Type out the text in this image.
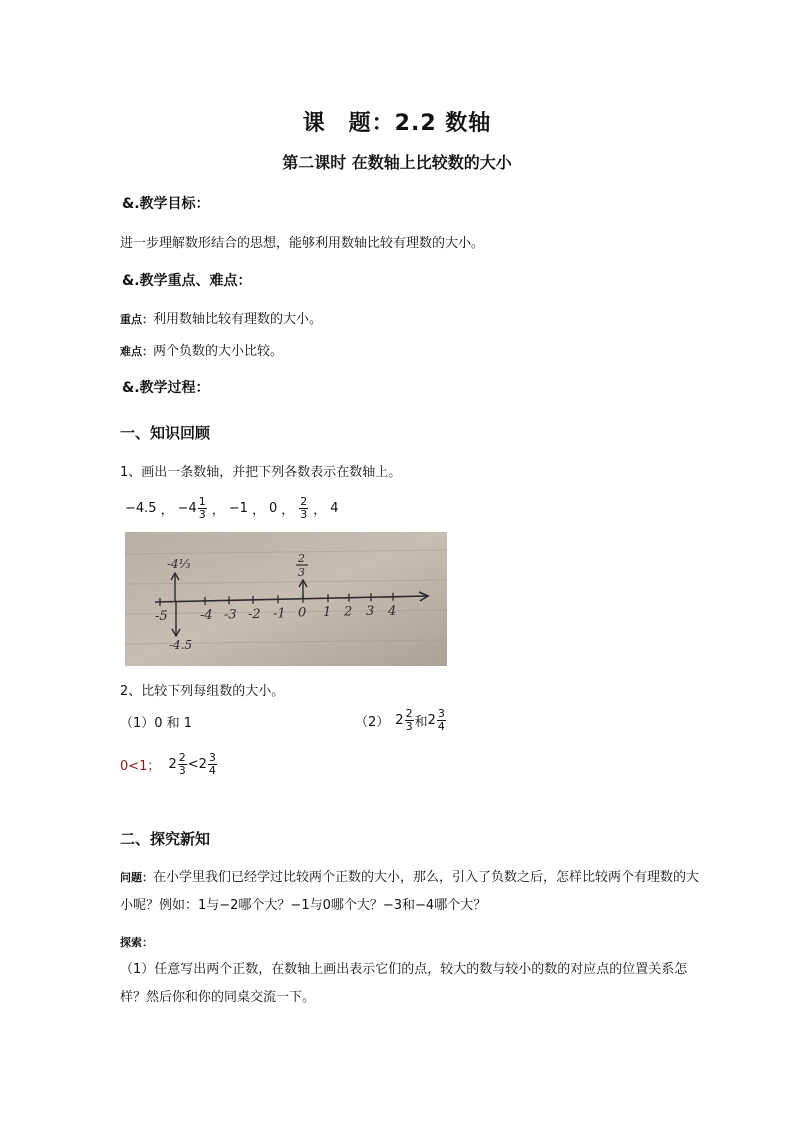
课　题：2.2 数轴
第二课时 在数轴上比较数的大小
&.教学目标：
进一步理解数形结合的思想，能够利用数轴比较有理数的大小。
&.教学重点、难点：
重点：利用数轴比较有理数的大小。
难点：两个负数的大小比较。
&.教学过程：
一、知识回顾
1、画出一条数轴，并把下列各数表示在数轴上。
−4.5 ， $-4 \frac{1}{3}$ ， −1 ， 0 ， $\frac{2}{3}$ ， 4
-5 -4 -3 -2 -1 0 1 2 3 4
-4.5
-4⅓	2
3
2、比较下列每组数的大小。
（1）0 和 1	（2） $2 \frac{2}{3}$ 和 $2 \frac{3}{4}$
0<1； $2 \frac{2}{3} < 2 \frac{3}{4}$
二、探究新知
问题：在小学里我们已经学过比较两个正数的大小，那么，引入了负数之后，怎样比较两个有理数的大小呢？例如：1与−2哪个大？−1与0哪个大？−3和−4哪个大？
探索：
（1）任意写出两个正数，在数轴上画出表示它们的点，较大的数与较小的数的对应点的位置关系怎样？然后你和你的同桌交流一下。
